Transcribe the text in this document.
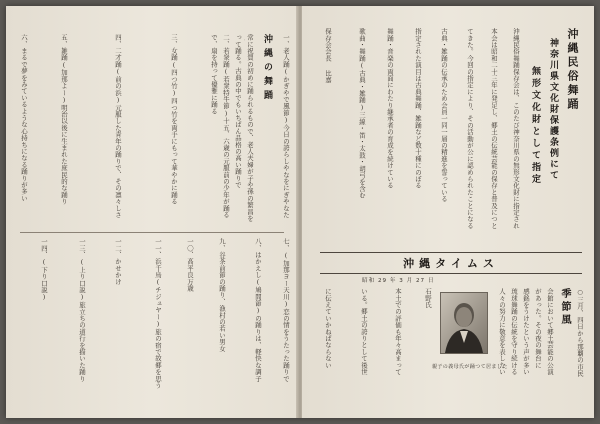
沖縄の舞踊	一、老人踊(かぎやで風節)今日の誇らしやなをにぎやなた
常に祝賀の初めに踊られるもので、老人夫婦が子や孫の繁昌を
って踊る。古典の中でもいちばん品格の高い踊りで
二、若衆踊(若衆特牛節)十五、六歳の元服前の少年が踊る
で、扇を持って優雅に踊る
三、女踊(四つ竹)四つ竹を両手にもって華やかに踊る
四、二才踊(前の浜)元服した青年の踊りで、その凛々しさ
五、雑踊(加那よー)明治以後に生まれた庶民的な踊り
六、まるで夢をみているような心持ちになる踊りが多い
七、(加那ヨー天川)恋の情をうたった踊りで
八、はかえし(鳩間節)の踊りは、軽快な調子
九、谷茶前節の踊り、漁村の若い男女
一〇、高平良万歳
一一、浜千鳥(チジュヤー)旅の宿で故郷を思う
一二、かせかけ
一三、(上り口説)旅立ちの道行を描いた踊り
一四、(下り口説)
沖縄民俗舞踊
神奈川県文化財保護条例にて
無形文化財として指定
沖縄民俗舞踊保存会は、このたび神奈川県の無形文化財に指定され
本会は昭和二十三年に発足し、郷土の伝統芸能の保存と普及につと
てきた。今回の指定により、その活動が公に認められたことになる
古典・雑踊の伝承のため会員一同一層の精進を誓っている
指定された演目は古典舞踊、雑踊など数十種にのぼる
舞踊・音楽の両面にわたり継承者の育成を続けている
歌曲・舞踊(古典・雑踊)三線・笛・太鼓・胡弓を含む
保存会会長 比嘉
沖縄タイムス
昭和 29 年 3 月 27 日
季節風 ○三月、四日から那覇の市民
会館において郷土芸能の公演
があった。その夜の舞台に
感銘をうけたという声が多い
琉球舞踊の伝統を守り続ける
人々の努力に敬意を表したい
石野氏
本土での評価も年々高まって
いる。郷土の誇りとして後世
に伝えていかねばならない	親子の義母氏が踊つて居ました
